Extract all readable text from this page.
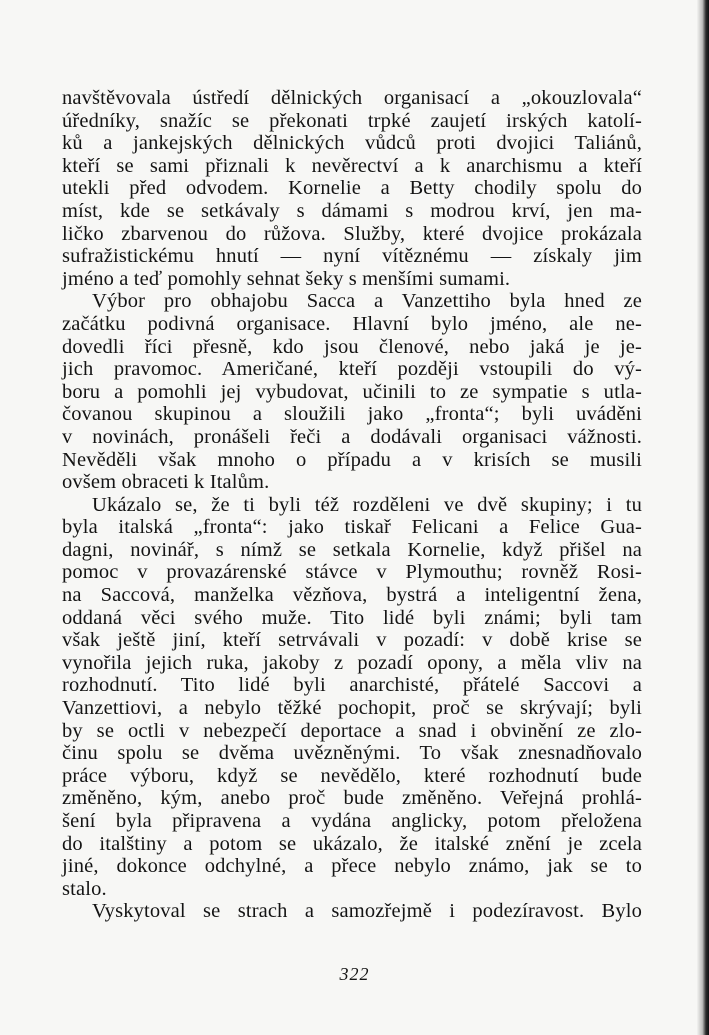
navštěvovala ústředí dělnických organisací a „okouzlovala“
úředníky, snažíc se překonati trpké zaujetí irských katolí-
ků a jankejských dělnických vůdců proti dvojici Taliánů,
kteří se sami přiznali k nevěrectví a k anarchismu a kteří
utekli před odvodem. Kornelie a Betty chodily spolu do
míst, kde se setkávaly s dámami s modrou krví, jen ma-
ličko zbarvenou do růžova. Služby, které dvojice prokázala
sufražistickému hnutí — nyní vítěznému — získaly jim
jméno a teď pomohly sehnat šeky s menšími sumami.
Výbor pro obhajobu Sacca a Vanzettiho byla hned ze
začátku podivná organisace. Hlavní bylo jméno, ale ne-
dovedli říci přesně, kdo jsou členové, nebo jaká je je-
jich pravomoc. Američané, kteří později vstoupili do vý-
boru a pomohli jej vybudovat, učinili to ze sympatie s utla-
čovanou skupinou a sloužili jako „fronta“; byli uváděni
v novinách, pronášeli řeči a dodávali organisaci vážnosti.
Nevěděli však mnoho o případu a v krisích se musili
ovšem obraceti k Italům.
Ukázalo se, že ti byli též rozděleni ve dvě skupiny; i tu
byla italská „fronta“: jako tiskař Felicani a Felice Gua-
dagni, novinář, s nímž se setkala Kornelie, když přišel na
pomoc v provazárenské stávce v Plymouthu; rovněž Rosi-
na Saccová, manželka vězňova, bystrá a inteligentní žena,
oddaná věci svého muže. Tito lidé byli známi; byli tam
však ještě jiní, kteří setrvávali v pozadí: v době krise se
vynořila jejich ruka, jakoby z pozadí opony, a měla vliv na
rozhodnutí. Tito lidé byli anarchisté, přátelé Saccovi a
Vanzettiovi, a nebylo těžké pochopit, proč se skrývají; byli
by se octli v nebezpečí deportace a snad i obvinění ze zlo-
činu spolu se dvěma uvězněnými. To však znesnadňovalo
práce výboru, když se nevědělo, které rozhodnutí bude
změněno, kým, anebo proč bude změněno. Veřejná prohlá-
šení byla připravena a vydána anglicky, potom přeložena
do italštiny a potom se ukázalo, že italské znění je zcela
jiné, dokonce odchylné, a přece nebylo známo, jak se to
stalo.
Vyskytoval se strach a samozřejmě i podezíravost. Bylo
322
